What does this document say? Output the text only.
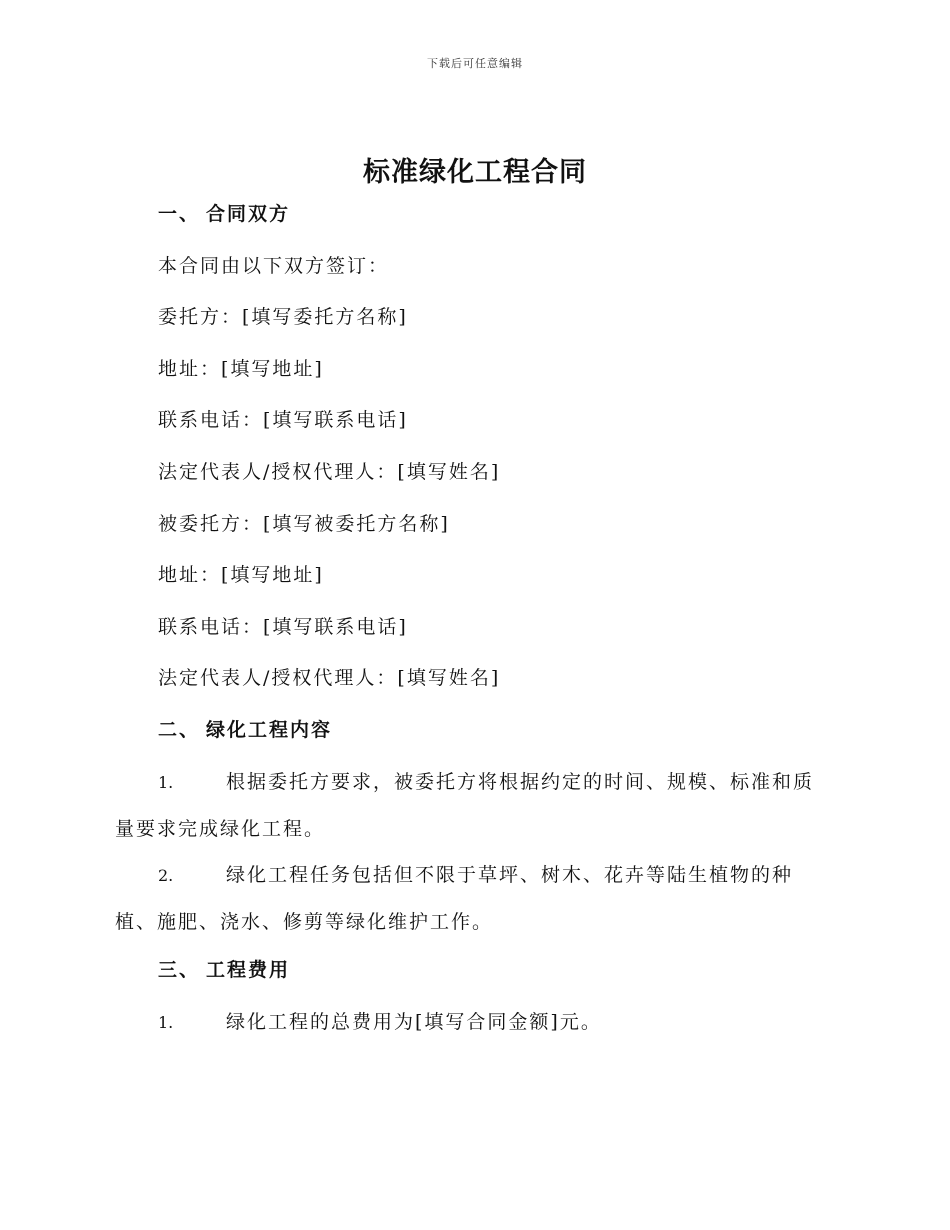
下载后可任意编辑
标准绿化工程合同
一、 合同双方
本合同由以下双方签订：
委托方：[填写委托方名称]
地址：[填写地址]
联系电话：[填写联系电话]
法定代表人/授权代理人：[填写姓名]
被委托方：[填写被委托方名称]
地址：[填写地址]
联系电话：[填写联系电话]
法定代表人/授权代理人：[填写姓名]
二、 绿化工程内容
1.	根据委托方要求，被委托方将根据约定的时间、规模、标准和质
量要求完成绿化工程。
2.	绿化工程任务包括但不限于草坪、树木、花卉等陆生植物的种
植、施肥、浇水、修剪等绿化维护工作。
三、 工程费用
1.	绿化工程的总费用为[填写合同金额]元。
